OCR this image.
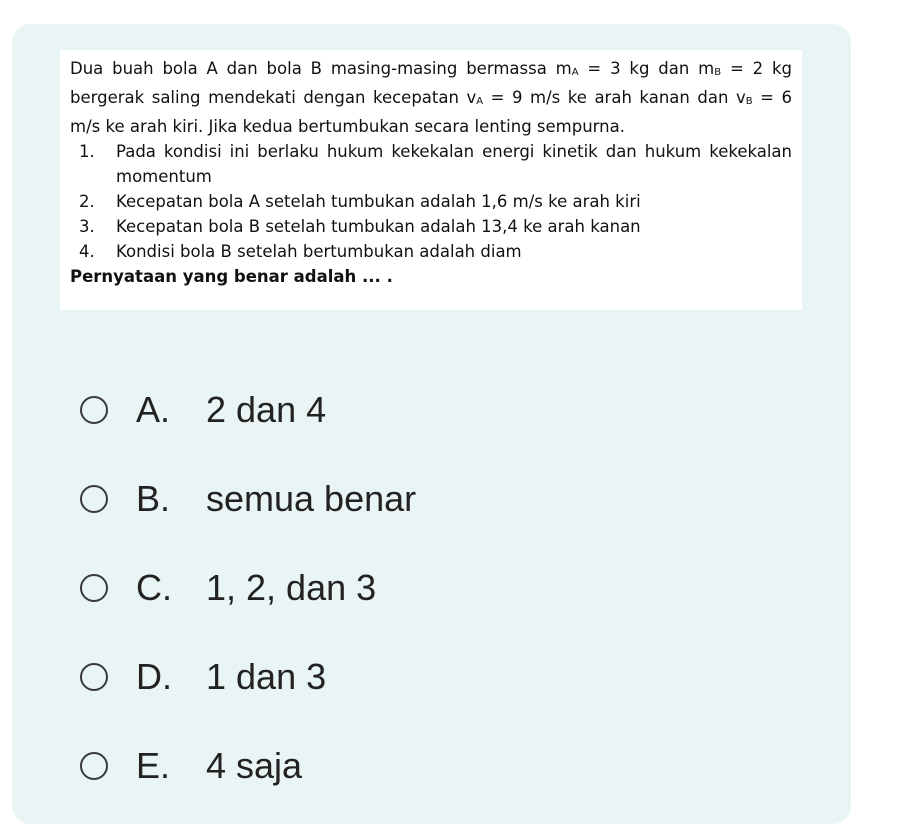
Dua buah bola A dan bola B masing-masing bermassa $m_A = 3$ kg dan $m_B = 2$ kg bergerak saling mendekati dengan kecepatan $v_A = 9$ m/s ke arah kanan dan $v_B = 6$ m/s ke arah kiri. Jika kedua bertumbukan secara lenting sempurna.

1.	Pada kondisi ini berlaku hukum kekekalan energi kinetik dan hukum kekekalan momentum
2.	Kecepatan bola A setelah tumbukan adalah 1,6 m/s ke arah kiri
3.	Kecepatan bola B setelah tumbukan adalah 13,4 ke arah kanan
4.	Kondisi bola B setelah bertumbukan adalah diam

Pernyataan yang benar adalah ... .

A. 2 dan 4
B. semua benar
C. 1, 2, dan 3
D. 1 dan 3
E. 4 saja
